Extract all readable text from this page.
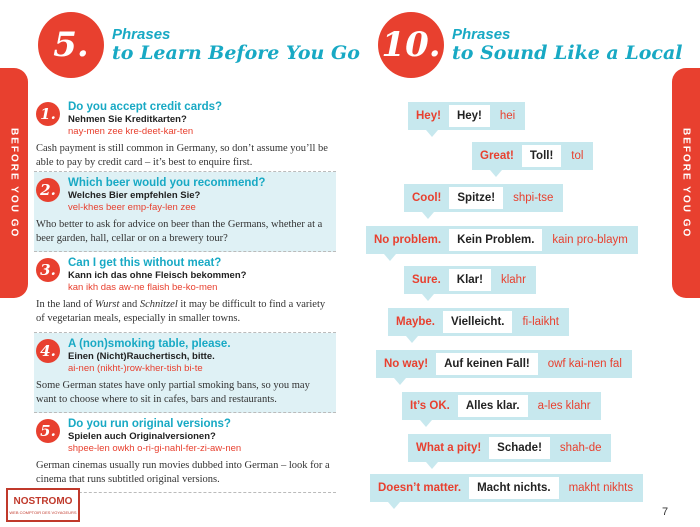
BEFORE YOU GO	BEFORE YOU GO
5.	Phrases
to Learn Before You Go 10. Phrases
to Sound Like a Local
1.	Do you accept credit cards?
Nehmen Sie Kreditkarten?
nay-men zee kre-deet-kar-ten
Cash payment is still common in Germany, so don’t assume you’ll be able to pay by credit card – it’s best to enquire first.
2.	Which beer would you recommend?
Welches Bier empfehlen Sie?
vel-khes beer emp-fay-len zee
Who better to ask for advice on beer than the Germans, whether at a beer garden, hall, cellar or on a brewery tour?
3.	Can I get this without meat?
Kann ich das ohne Fleisch bekommen?
kan ikh das aw-ne flaish be-ko-men
In the land of Wurst and Schnitzel it may be difficult to find a variety of vegetarian meals, especially in smaller towns.
4.	A (non)smoking table, please.
Einen (Nicht)Rauchertisch, bitte.
ai-nen (nikht-)row-kher-tish bi-te
Some German states have only partial smoking bans, so you may want to choose where to sit in cafes, bars and restaurants.
5.	Do you run original versions?
Spielen auch Originalversionen?
shpee-len owkh o-ri-gi-nahl-fer-zi-aw-nen
German cinemas usually run movies dubbed into German – look for a cinema that runs subtitled original versions.
Hey!	Hey!	hei
Great!	Toll!	tol
Cool!	Spitze!	shpi-tse
No problem.	Kein Problem.	kain pro-blaym
Sure.	Klar!	klahr
Maybe.	Vielleicht.	fi-laikht
No way!	Auf keinen Fall!	owf kai-nen fal
It’s OK.	Alles klar.	a-les klahr
What a pity!	Schade!	shah-de
Doesn’t matter.	Macht nichts.	makht nikhts
NOSTROMO
WEB COMPTOIR DES VOYAGEURS	7
